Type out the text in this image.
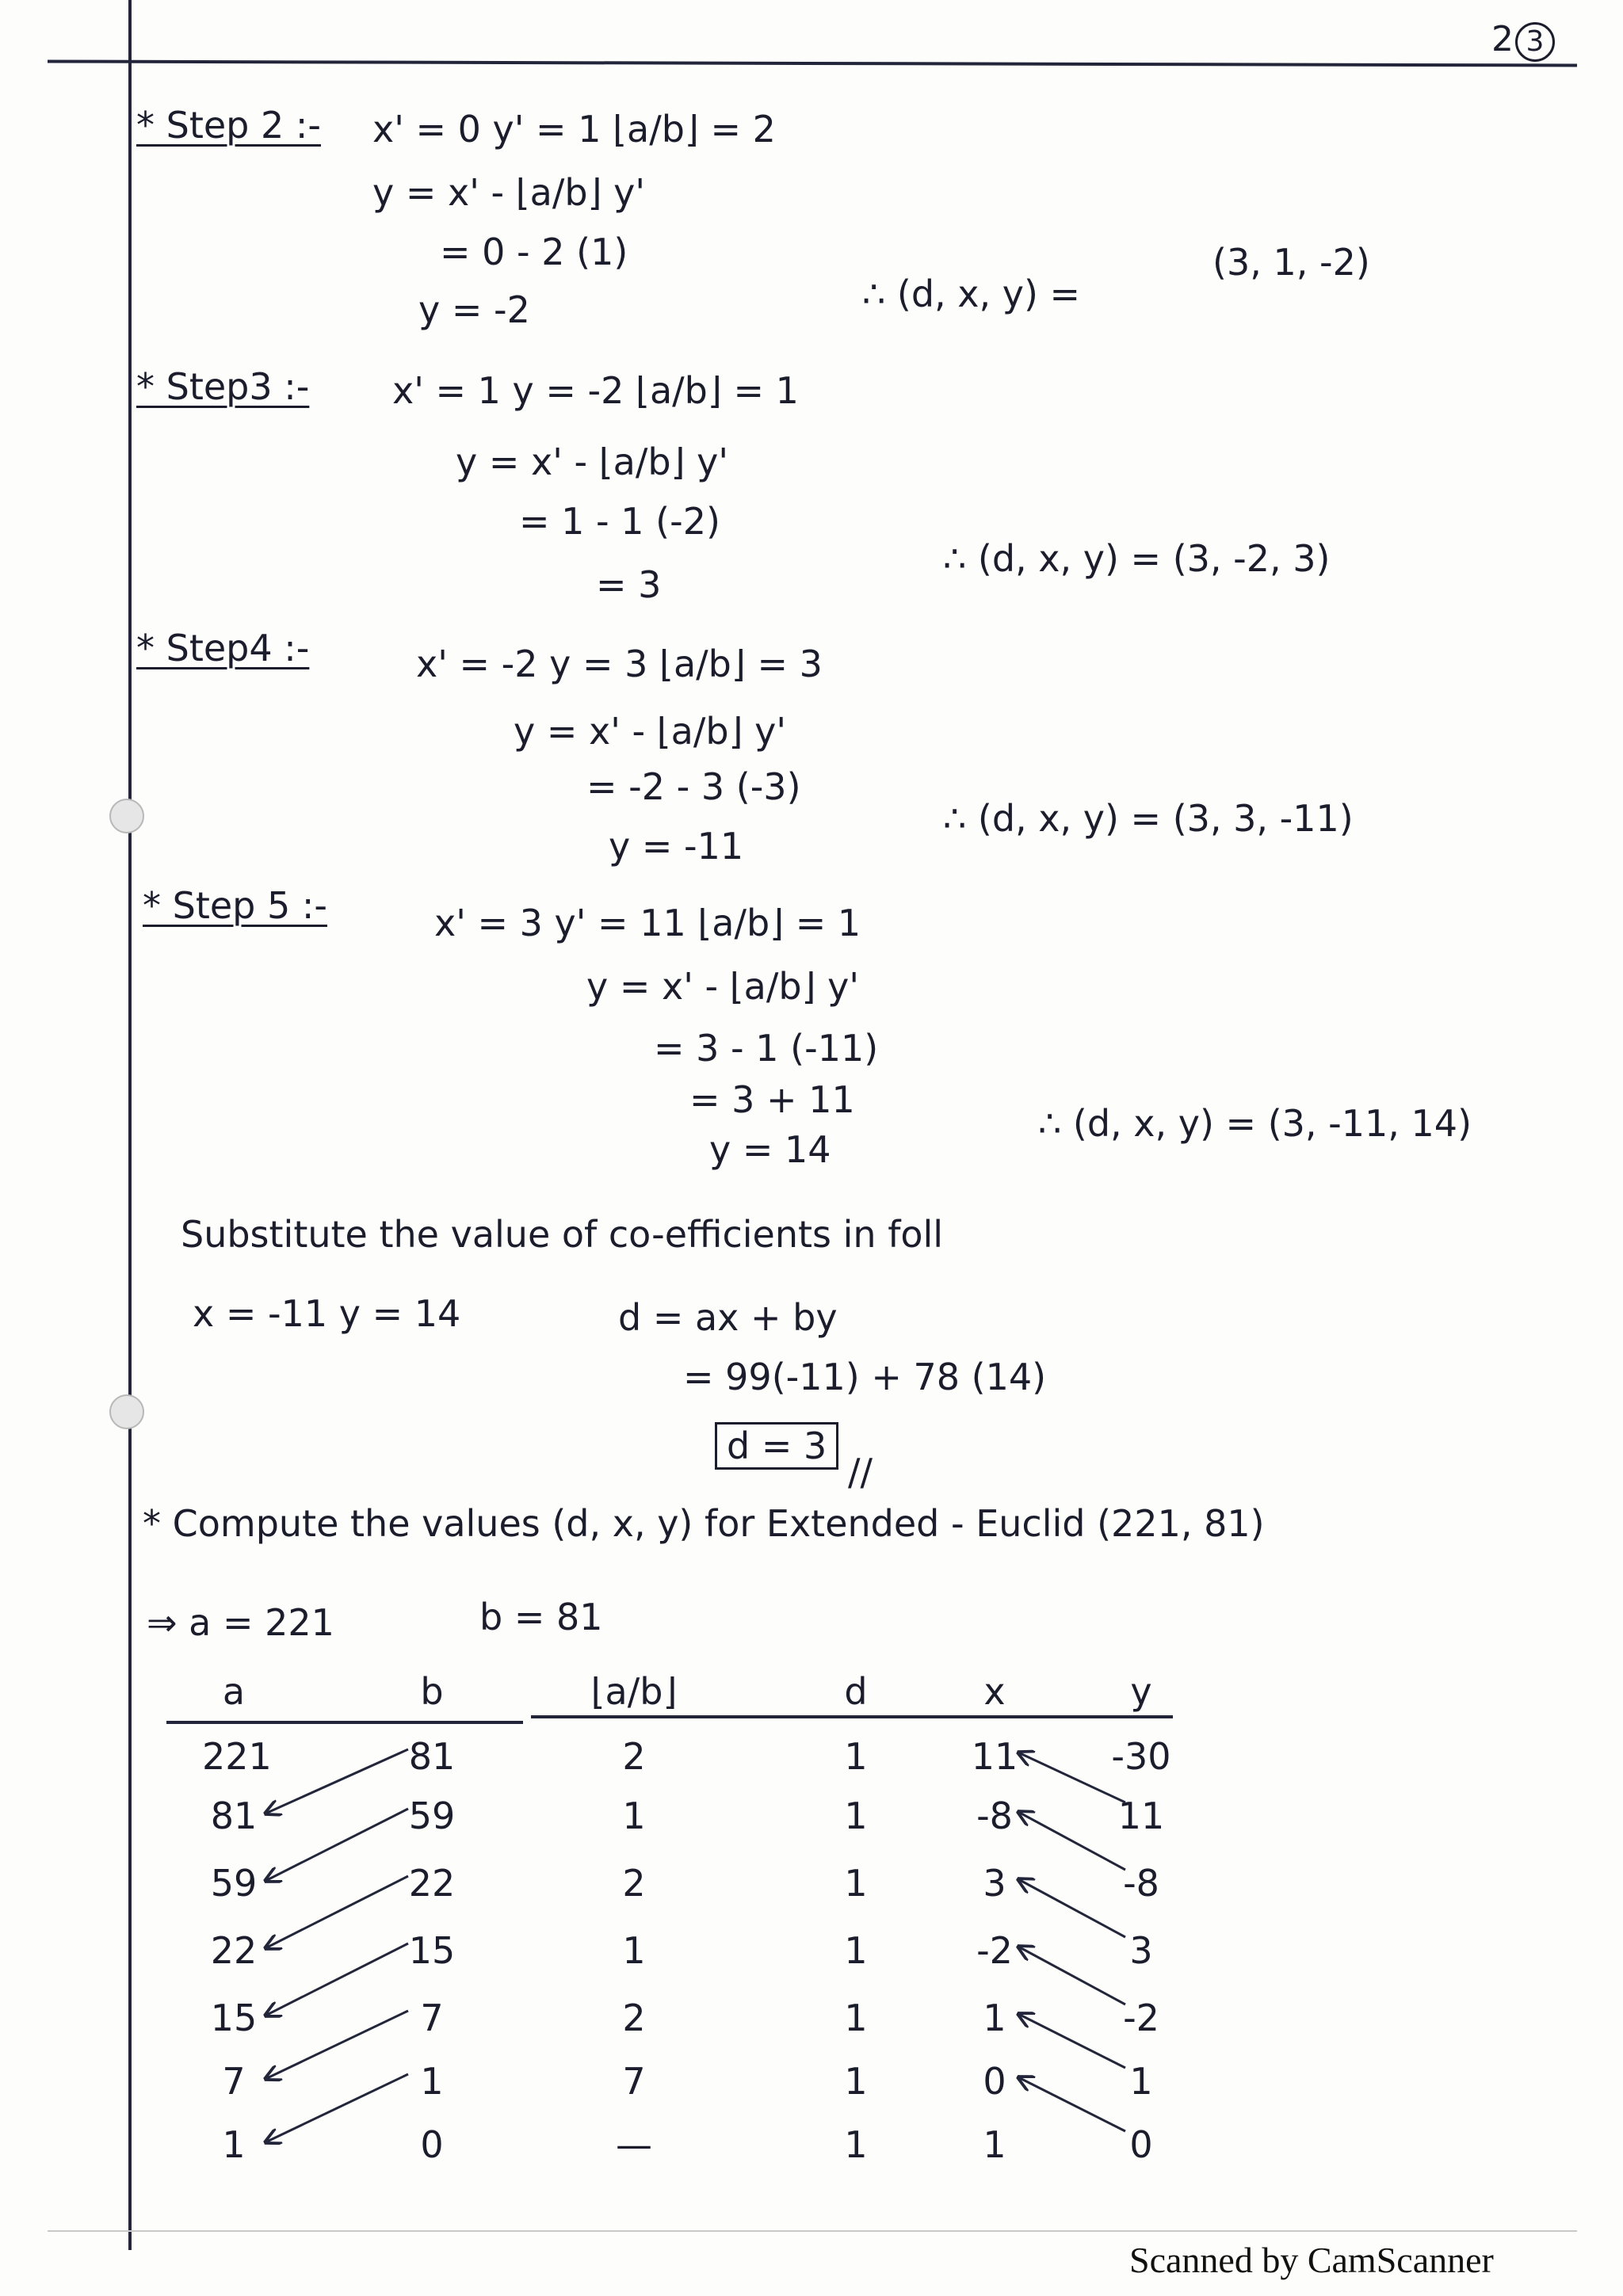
2 3
* Step 2 :- x' = 0 y' = 1 ⌊a/b⌋ = 2
y = x' - ⌊a/b⌋ y'
= 0 - 2 (1)
y = -2	∴ (d, x, y) =
(3, 1, -2)
* Step3 :- x' = 1 y = -2 ⌊a/b⌋ = 1
y = x' - ⌊a/b⌋ y'
= 1 - 1 (-2)
= 3
∴ (d, x, y) = (3, -2, 3)
* Step4 :-	x' = -2 y = 3 ⌊a/b⌋ = 3
y = x' - ⌊a/b⌋ y'
= -2 - 3 (-3)
y = -11
∴ (d, x, y) = (3, 3, -11)
* Step 5 :-	x' = 3 y' = 11 ⌊a/b⌋ = 1
y = x' - ⌊a/b⌋ y'
= 3 - 1 (-11)
= 3 + 11
y = 14
∴ (d, x, y) = (3, -11, 14)
Substitute the value of co-efficients in foll
x = -11 y = 14	d = ax + by
= 99(-11) + 78 (14)
d = 3
//
* Compute the values (d, x, y) for Extended - Euclid (221, 81)
⇒ a = 221	b = 81
a	b	⌊a/b⌋	d	x	y
221	81	2	1	11	-30
81	59	1	1	-8	11
59	22	2	1	3	-8
22	15	1	1	-2	3
15	7	2	1	1	-2
7	1	7	1	0	1
1	0	—	1	1	0
Scanned by CamScanner
